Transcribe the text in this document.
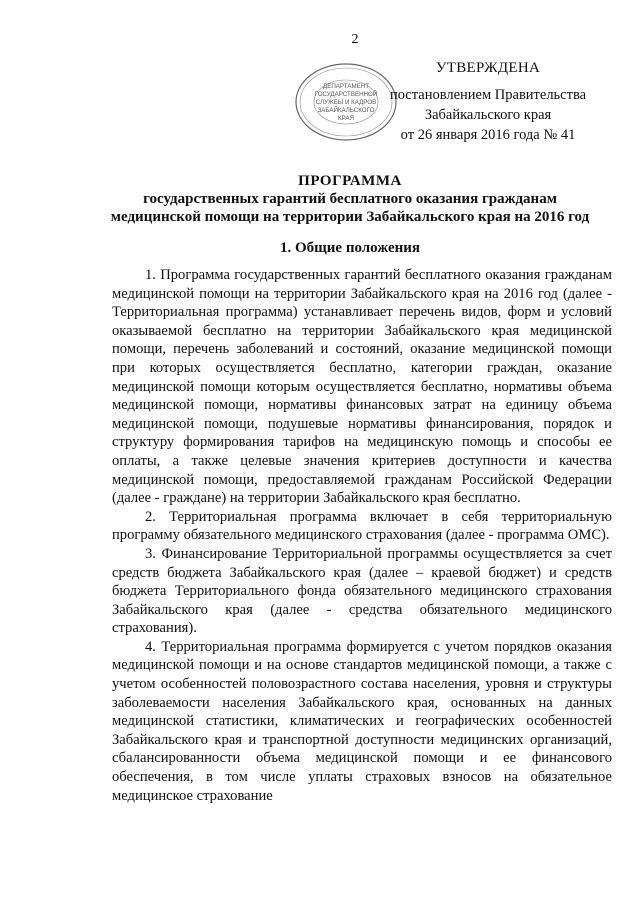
2
ДЕПАРТАМЕНТ
ГОСУДАРСТВЕННОЙ
СЛУЖБЫ И КАДРОВ
ЗАБАЙКАЛЬСКОГО
КРАЯ
УТВЕРЖДЕНА
постановлением Правительства
Забайкальского края
от 26 января 2016 года № 41
ПРОГРАММА
государственных гарантий бесплатного оказания гражданам
медицинской помощи на территории Забайкальского края на 2016 год
1. Общие положения

1. Программа государственных гарантий бесплатного оказания гражданам медицинской помощи на территории Забайкальского края на 2016 год (далее - Территориальная программа) устанавливает перечень видов, форм и условий оказываемой бесплатно на территории Забайкальского края медицинской помощи, перечень заболеваний и состояний, оказание медицинской помощи при которых осуществляется бесплатно, категории граждан, оказание медицинской помощи которым осуществляется бесплатно, нормативы объема медицинской помощи, нормативы финансовых затрат на единицу объема медицинской помощи, подушевые нормативы финансирования, порядок и структуру формирования тарифов на медицинскую помощь и способы ее оплаты, а также целевые значения критериев доступности и качества медицинской помощи, предоставляемой гражданам Российской Федерации (далее - граждане) на территории Забайкальского края бесплатно.

2. Территориальная программа включает в себя территориальную программу обязательного медицинского страхования (далее - программа ОМС).

3. Финансирование Территориальной программы осуществляется за счет средств бюджета Забайкальского края (далее – краевой бюджет) и средств бюджета Территориального фонда обязательного медицинского страхования Забайкальского края (далее - средства обязательного медицинского страхования).

4. Территориальная программа формируется с учетом порядков оказания медицинской помощи и на основе стандартов медицинской помощи, а также с учетом особенностей половозрастного состава населения, уровня и структуры заболеваемости населения Забайкальского края, основанных на данных медицинской статистики, климатических и географических особенностей Забайкальского края и транспортной доступности медицинских организаций, сбалансированности объема медицинской помощи и ее финансового обеспечения, в том числе уплаты страховых взносов на обязательное медицинское страхование
